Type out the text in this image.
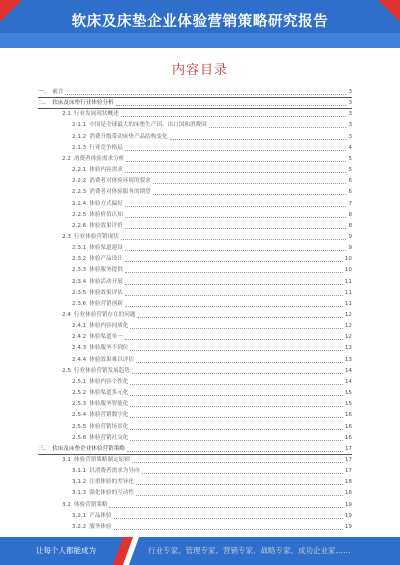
软床及床垫企业体验营销策略研究报告
内容目录
一、 前言	3
二、 软床及床垫行业体验分析	3
2.1 行业发展现状概述	3
2.1.1 中国是全球最大的床垫生产国、出口国和消费国	3
2.1.2 消费升级带动床垫产品结构变化	3
2.1.3 行业竞争格局	4
2.2 消费者体验需求分析	5
2.2.1 体验内容需求	5
2.2.2 消费者对体验环境的要求	6
2.2.3 消费者对体验服务的期望	6
2.2.4 体验方式偏好	7
2.2.5 体验价值认知	8
2.2.6 体验效果评价	8
2.3 行业体验营销现状	9
2.3.1 体验渠道建设	9
2.3.2 体验产品设计	10
2.3.3 体验服务提供	10
2.3.4 体验活动开展	11
2.3.5 体验效果评估	11
2.3.6 体验营销创新	11
2.4 行业体验营销存在的问题	12
2.4.1 体验内容同质化	12
2.4.2 体验渠道单一	12
2.4.3 体验服务不到位	13
2.4.4 体验效果难以评估	13
2.5 行业体验营销发展趋势	14
2.5.1 体验内容个性化	14
2.5.2 体验渠道多元化	15
2.5.3 体验服务智能化	15
2.5.4 体验营销数字化	16
2.5.5 体验营销场景化	16
2.5.6 体验营销社交化	16
三、 软床及床垫企业体验营销策略	17
3.1 体验营销策略制定原则	17
3.1.1 以消费者需求为导向	17
3.1.2 注重体验的差异化	18
3.1.3 强化体验的互动性	18
3.2 体验营销策略	19
3.2.1 产品体验	19
3.2.2 服务体验	19
让每个人都能成为	行业专家、管理专家、营销专家、战略专家、成功企业家……
